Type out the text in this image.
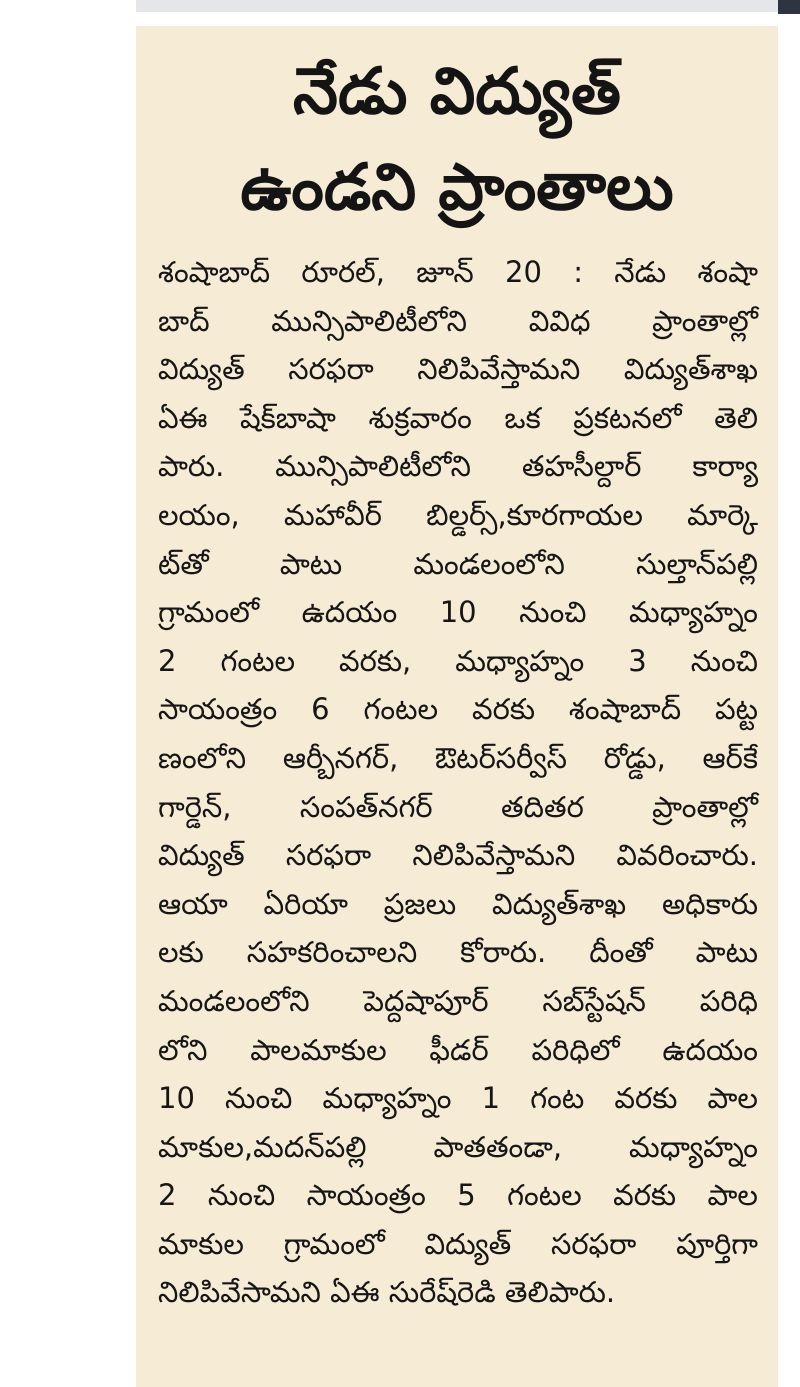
నేడు విద్యుత్
ఉండని ప్రాంతాలు
శంషాబాద్ రూరల్, జూన్ 20 : నేడు శంషా
బాద్ మున్సిపాలిటీలోని వివిధ ప్రాంతాల్లో
విద్యుత్ సరఫరా నిలిపివేస్తామని విద్యుత్‌శాఖ
ఏఈ షేక్‌బాషా శుక్రవారం ఒక ప్రకటనలో తెలి
పారు. మున్సిపాలిటీలోని తహసీల్దార్ కార్యా
లయం, మహావీర్ బిల్డర్స్,కూరగాయల మార్కె
ట్‌తో పాటు మండలంలోని సుల్తాన్‌పల్లి
గ్రామంలో ఉదయం 10 నుంచి మధ్యాహ్నం
2 గంటల వరకు, మధ్యాహ్నం 3 నుంచి
సాయంత్రం 6 గంటల వరకు శంషాబాద్ పట్ట
ణంలోని ఆర్బీనగర్, ఔటర్‌సర్వీస్ రోడ్డు, ఆర్‌కే
గార్డెన్, సంపత్‌నగర్ తదితర ప్రాంతాల్లో
విద్యుత్ సరఫరా నిలిపివేస్తామని వివరించారు.
ఆయా ఏరియా ప్రజలు విద్యుత్‌శాఖ అధికారు
లకు సహకరించాలని కోరారు. దీంతో పాటు
మండలంలోని పెద్దషాపూర్ సబ్‌స్టేషన్ పరిధి
లోని పాలమాకుల ఫీడర్ పరిధిలో ఉదయం
10 నుంచి మధ్యాహ్నం 1 గంట వరకు పాల
మాకుల,మదన్‌పల్లి పాతతండా, మధ్యాహ్నం
2 నుంచి సాయంత్రం 5 గంటల వరకు పాల
మాకుల గ్రామంలో విద్యుత్ సరఫరా పూర్తిగా
నిలిపివేసామని ఏఈ సురేష్‌రెడి తెలిపారు.
